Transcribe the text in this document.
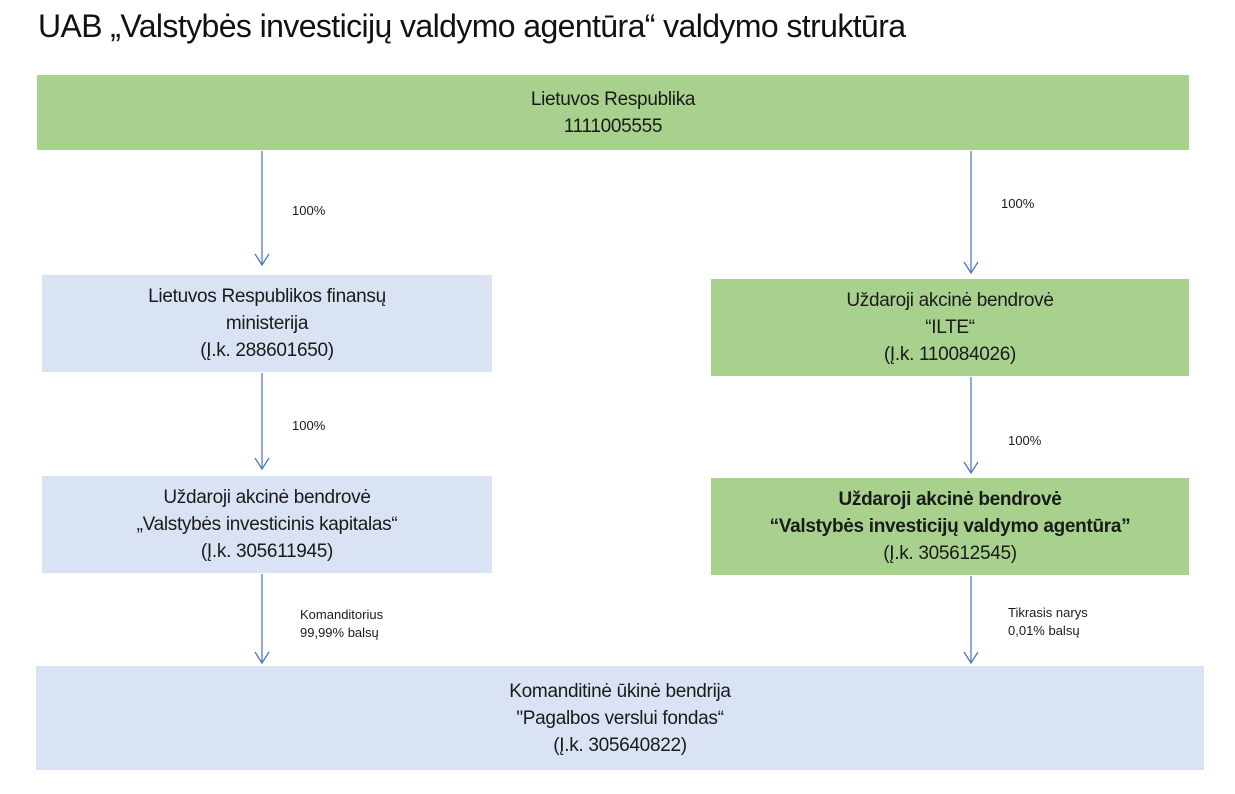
UAB „Valstybės investicijų valdymo agentūra“ valdymo struktūra
Lietuvos Respublika
1111005555
Lietuvos Respublikos finansų
ministerija
(Į.k. 288601650)
Uždaroji akcinė bendrovė
“ILTE“
(Į.k. 110084026)
Uždaroji akcinė bendrovė
„Valstybės investicinis kapitalas“
(Į.k. 305611945)
Uždaroji akcinė bendrovė
“Valstybės investicijų valdymo agentūra”
(Į.k. 305612545)
Komanditinė ūkinė bendrija
"Pagalbos verslui fondas“
(Į.k. 305640822)
100%	100%
100%
100%
Komanditorius
99,99% balsų
Tikrasis narys
0,01% balsų
